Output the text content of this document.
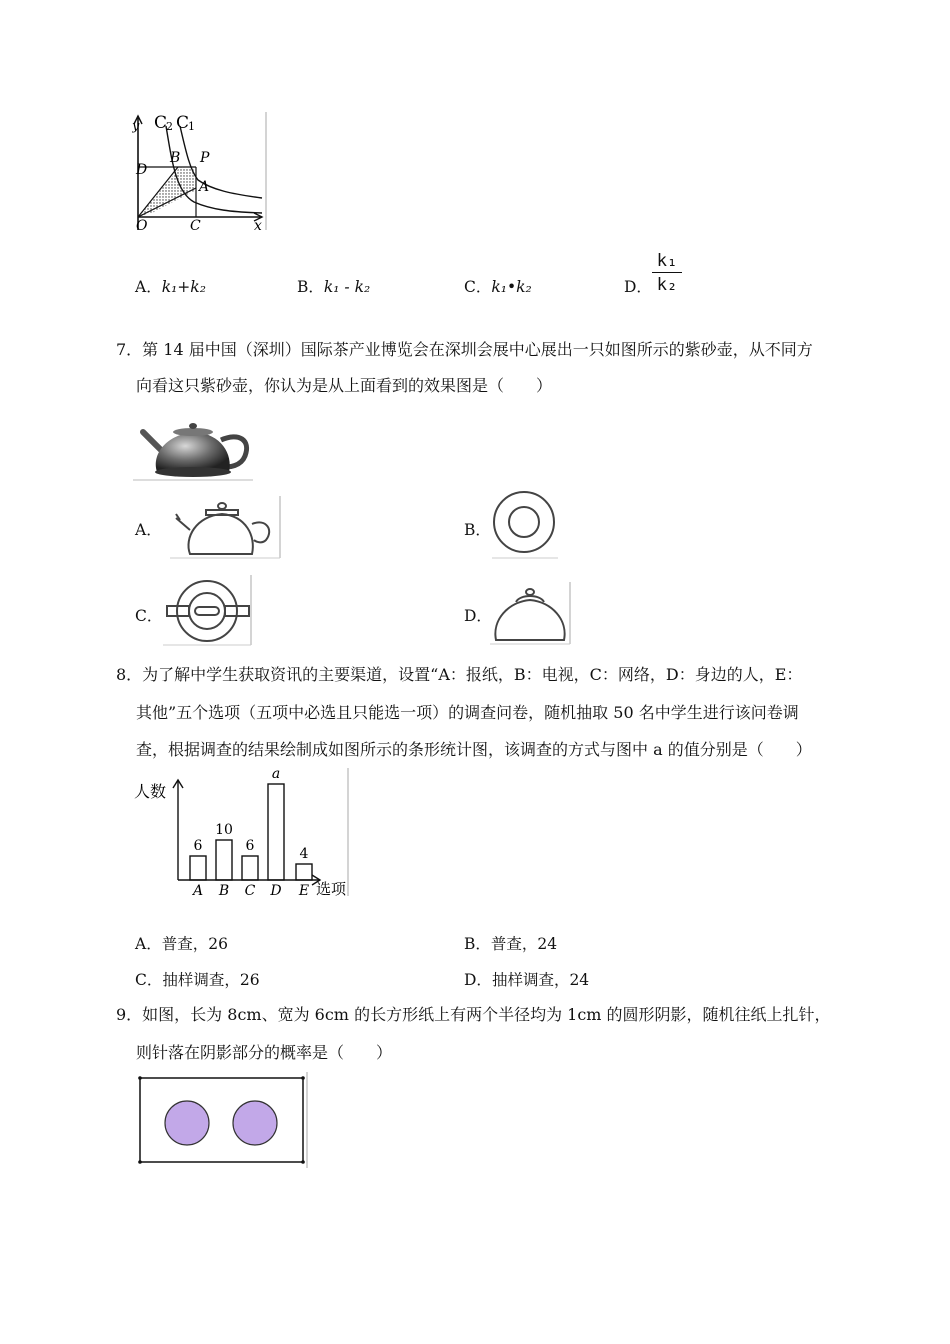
y C
2 C
1
D
B P
A
O	C	x
A．k₁+k₂	B．k₁ - k₂	C．k₁•k₂	D． $\frac{\text{k₁}}{\text{k₂}}$
7．第 14 届中国（深圳）国际茶产业博览会在深圳会展中心展出一只如图所示的紫砂壶，从不同方
向看这只紫砂壶，你认为是从上面看到的效果图是（　　）
A．	B．
C．	D．
8．为了解中学生获取资讯的主要渠道，设置“A：报纸，B：电视，C：网络，D：身边的人，E：
其他”五个选项（五项中必选且只能选一项）的调查问卷，随机抽取 50 名中学生进行该问卷调
查，根据调查的结果绘制成如图所示的条形统计图，该调查的方式与图中 a 的值分别是（　　）
人数
选项
6
A
10
B
6
C
a
D
4
E
A．普查，26	B．普查，24
C．抽样调查，26	D．抽样调查，24
9．如图，长为 8cm、宽为 6cm 的长方形纸上有两个半径均为 1cm 的圆形阴影，随机往纸上扎针，
则针落在阴影部分的概率是（　　）
